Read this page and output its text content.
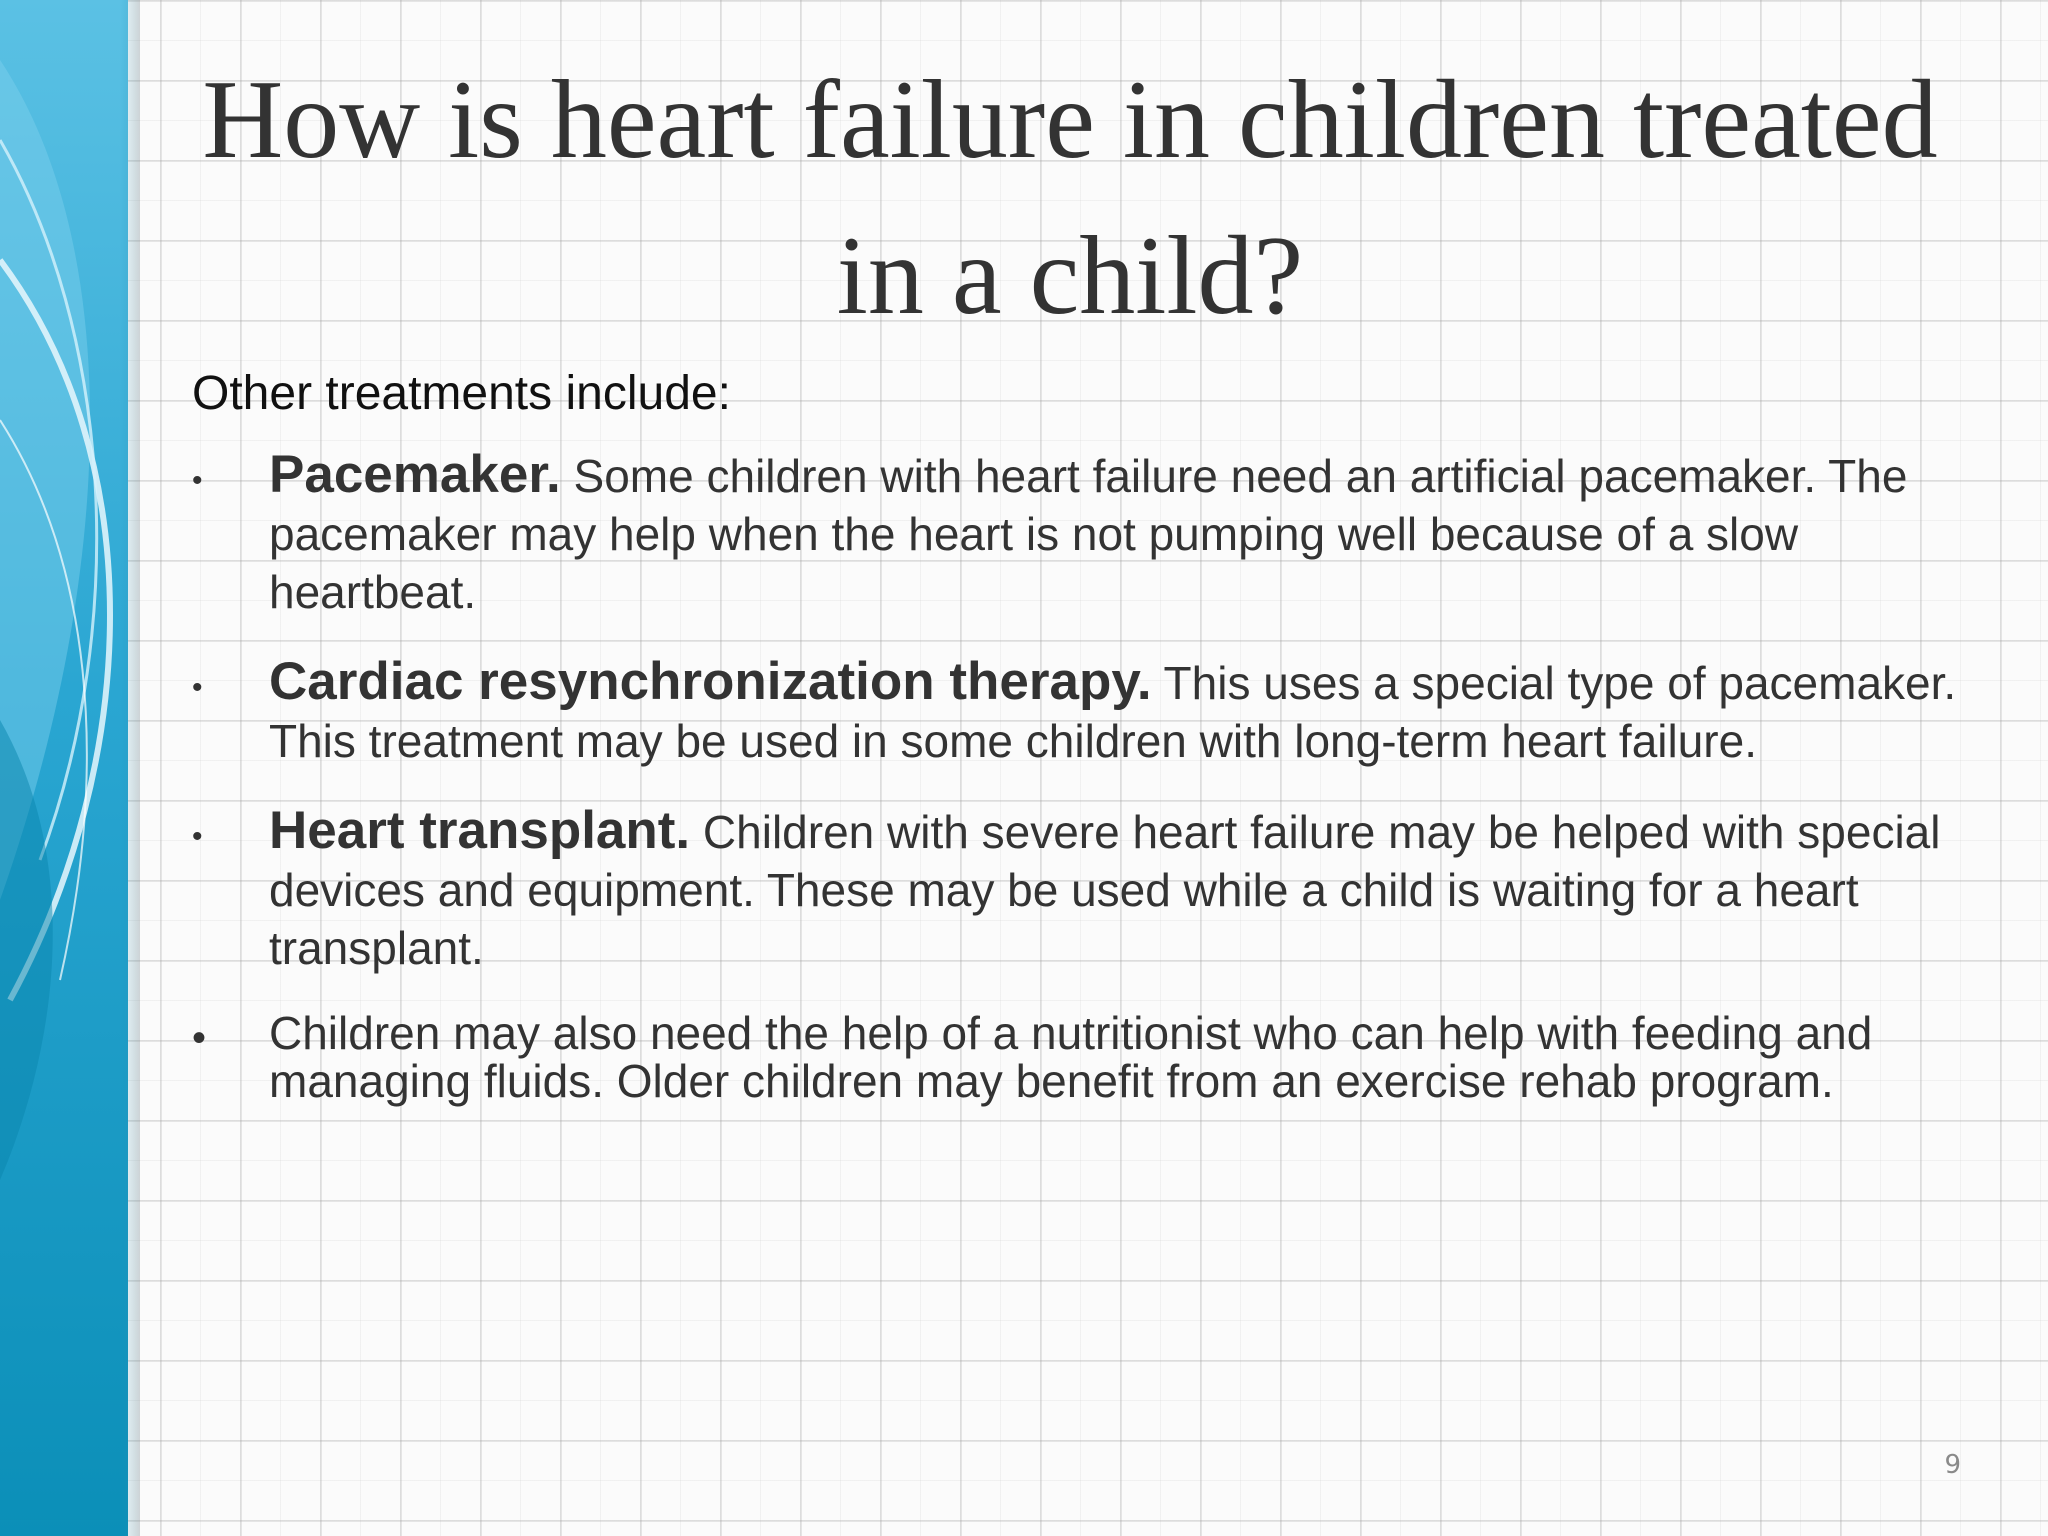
How is heart failure in children treated in a child?

Other treatments include:

• Pacemaker. Some children with heart failure need an artificial pacemaker. The pacemaker may help when the heart is not pumping well because of a slow heartbeat.
• Cardiac resynchronization therapy. This uses a special type of pacemaker. This treatment may be used in some children with long-term heart failure.
• Heart transplant. Children with severe heart failure may be helped with special devices and equipment. These may be used while a child is waiting for a heart transplant.
• Children may also need the help of a nutritionist who can help with feeding and managing fluids. Older children may benefit from an exercise rehab program.
9
